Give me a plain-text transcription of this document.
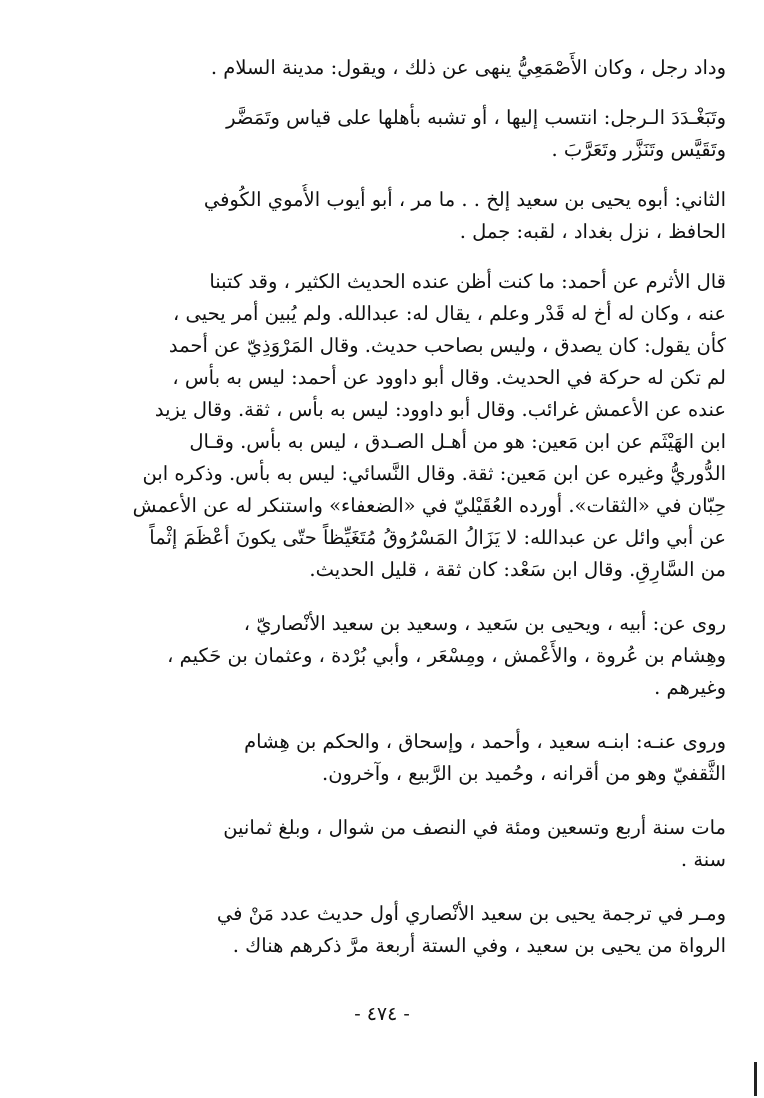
وداد رجل ، وكان الأَصْمَعِيُّ ينهى عن ذلك ، ويقول: مدينة السلام .
وتَبَغْـدَدَ الـرجل: انتسب إليها ، أو تشبه بأهلها على قياس وتَمَضَّر
وتَقَيَّس وتَنَزَّر وتَعَرَّبَ .
الثاني: أبوه يحيى بن سعيد إلخ . . ما مر ، أبو أيوب الأُموي الكُوفي
الحافظ ، نزل بغداد ، لقبه: جمل .
قال الأثرم عن أحمد: ما كنت أظن عنده الحديث الكثير ، وقد كتبنا
عنه ، وكان له أخ له قَدْر وعلم ، يقال له: عبدالله. ولم يُبين أمر يحيى ،
كأن يقول: كان يصدق ، وليس بصاحب حديث. وقال المَرْوَذِيّ عن أحمد
لم تكن له حركة في الحديث. وقال أبو داوود عن أحمد: ليس به بأس ،
عنده عن الأعمش غرائب. وقال أبو داوود: ليس به بأس ، ثقة. وقال يزيد
ابن الهَيْثَم عن ابن مَعين: هو من أهـل الصـدق ، ليس به بأس. وقـال
الدُّوريُّ وغيره عن ابن مَعين: ثقة. وقال النَّسائي: ليس به بأس. وذكره ابن
حِبّان في «الثقات». أورده العُقَيْليّ في «الضعفاء» واستنكر له عن الأعمش
عن أبي وائل عن عبدالله: لا يَزَالُ المَسْرُوقُ مُتَغَيِّظاً حتّى يكونَ أعْظَمَ إثْماً
من السَّارِقِ. وقال ابن سَعْد: كان ثقة ، قليل الحديث.
روى عن: أبيه ، ويحيى بن سَعيد ، وسعيد بن سعيد الأنْصاريّ ،
وهِشام بن عُروة ، والأَعْمش ، ومِسْعَر ، وأبي بُرْدة ، وعثمان بن حَكيم ،
وغيرهم .
وروى عنـه: ابنـه سعيد ، وأحمد ، وإسحاق ، والحكم بن هِشام
الثَّقفيّ وهو من أقرانه ، وحُميد بن الرَّبيع ، وآخرون.
مات سنة أربع وتسعين ومئة في النصف من شوال ، وبلغ ثمانين
سنة .
ومـر في ترجمة يحيى بن سعيد الأنْصاري أول حديث عدد مَنْ في
الرواة من يحيى بن سعيد ، وفي الستة أربعة مرَّ ذكرهم هناك .
- ٤٧٤ -
